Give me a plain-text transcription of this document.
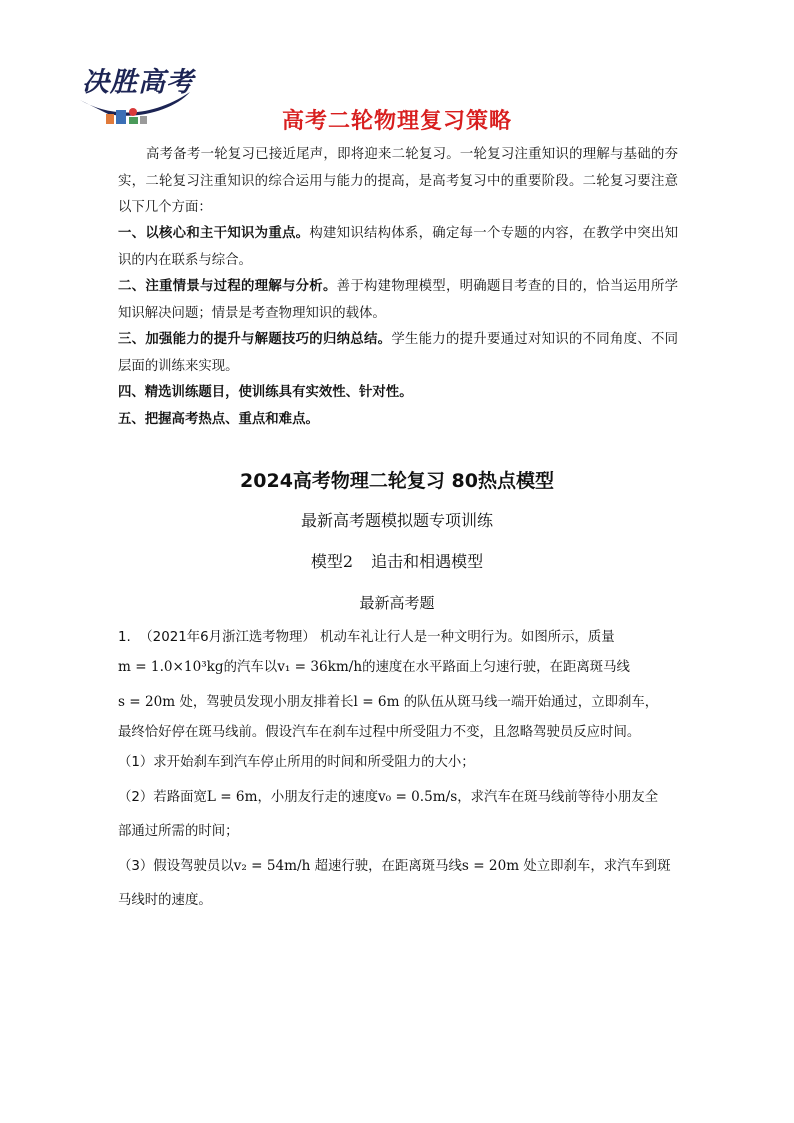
决胜高考
高考二轮物理复习策略

高考备考一轮复习已接近尾声，即将迎来二轮复习。一轮复习注重知识的理解与基础的夯实，二轮复习注重知识的综合运用与能力的提高，是高考复习中的重要阶段。二轮复习要注意以下几个方面：

一、以核心和主干知识为重点。构建知识结构体系，确定每一个专题的内容，在教学中突出知识的内在联系与综合。

二、注重情景与过程的理解与分析。善于构建物理模型，明确题目考查的目的，恰当运用所学知识解决问题；情景是考查物理知识的载体。

三、加强能力的提升与解题技巧的归纳总结。学生能力的提升要通过对知识的不同角度、不同层面的训练来实现。

四、精选训练题目，使训练具有实效性、针对性。

五、把握高考热点、重点和难点。

2024高考物理二轮复习 80热点模型
最新高考题模拟题专项训练
模型2 追击和相遇模型
最新高考题

1. （2021年6月浙江选考物理） 机动车礼让行人是一种文明行为。如图所示，质量

m = 1.0×10³kg的汽车以v₁ = 36km/h的速度在水平路面上匀速行驶，在距离斑马线

s = 20m 处，驾驶员发现小朋友排着长l = 6m 的队伍从斑马线一端开始通过，立即刹车，

最终恰好停在斑马线前。假设汽车在刹车过程中所受阻力不变，且忽略驾驶员反应时间。

（1）求开始刹车到汽车停止所用的时间和所受阻力的大小；

（2）若路面宽L = 6m，小朋友行走的速度v₀ = 0.5m/s，求汽车在斑马线前等待小朋友全

部通过所需的时间；

（3）假设驾驶员以v₂ = 54m/h 超速行驶，在距离斑马线s = 20m 处立即刹车，求汽车到斑

马线时的速度。
